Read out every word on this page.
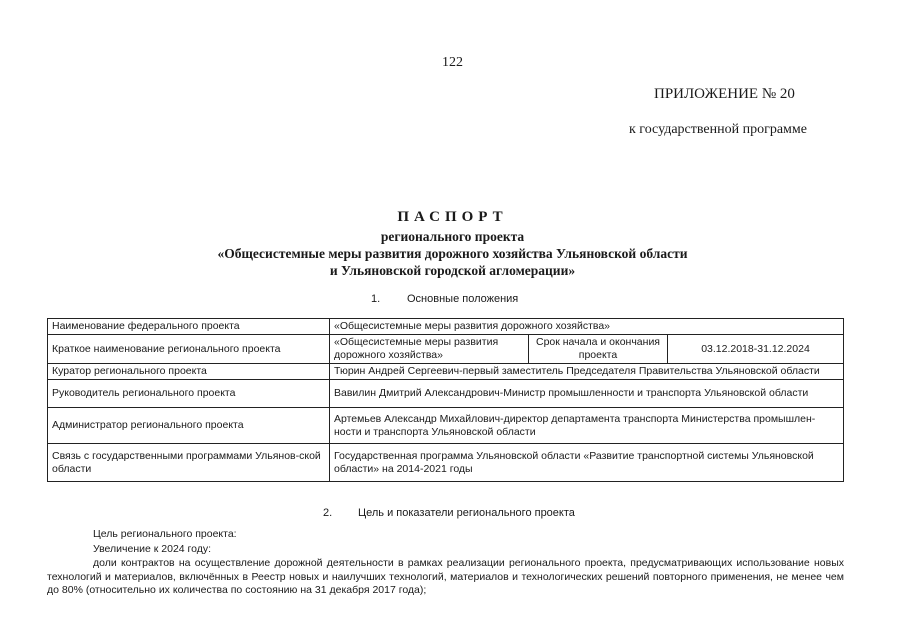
122
ПРИЛОЖЕНИЕ № 20
к государственной программе
ПАСПОРТ
регионального проекта
«Общесистемные меры развития дорожного хозяйства Ульяновской области
и Ульяновской городской агломерации»
1. Основные положения
Наименование федерального проекта	«Общесистемные меры развития дорожного хозяйства»		
Краткое наименование регионального проекта	«Общесистемные меры развития дорожного хозяйства»	Срок начала и окончания проекта	03.12.2018-31.12.2024
Куратор регионального проекта	Тюрин Андрей Сергеевич-первый заместитель Председателя Правительства Ульяновской области		
Руководитель регионального проекта	Вавилин Дмитрий Александрович-Министр промышленности и транспорта Ульяновской области		
Администратор регионального проекта	Артемьев Александр Михайлович-директор департамента транспорта Министерства промышлен-ности и транспорта Ульяновской области		
Связь с государственными программами Ульянов-ской области	Государственная программа Ульяновской области «Развитие транспортной системы Ульяновской области» на 2014-2021 годы		
2. Цель и показатели регионального проекта
Цель регионального проекта:
Увеличение к 2024 году:
доли контрактов на осуществление дорожной деятельности в рамках реализации регионального проекта, предусматривающих использование новых технологий и материалов, включённых в Реестр новых и наилучших технологий, материалов и технологических решений повторного применения, не менее чем до 80% (относительно их количества по состоянию на 31 декабря 2017 года);
